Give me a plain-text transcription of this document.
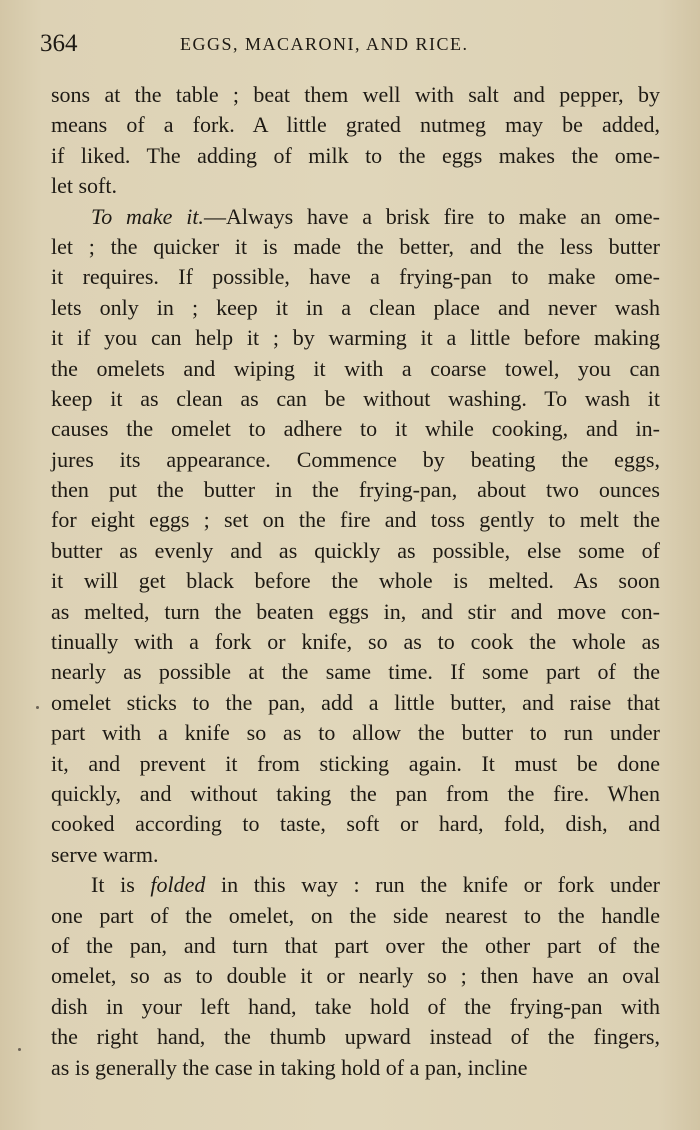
364	EGGS, MACARONI, AND RICE.
sons at the table ; beat them well with salt and pepper, by
means of a fork. A little grated nutmeg may be added,
if liked. The adding of milk to the eggs makes the ome-
let soft.
To make it.—Always have a brisk fire to make an ome-
let ; the quicker it is made the better, and the less butter
it requires. If possible, have a frying-pan to make ome-
lets only in ; keep it in a clean place and never wash
it if you can help it ; by warming it a little before making
the omelets and wiping it with a coarse towel, you can
keep it as clean as can be without washing. To wash it
causes the omelet to adhere to it while cooking, and in-
jures its appearance. Commence by beating the eggs,
then put the butter in the frying-pan, about two ounces
for eight eggs ; set on the fire and toss gently to melt the
butter as evenly and as quickly as possible, else some of
it will get black before the whole is melted. As soon
as melted, turn the beaten eggs in, and stir and move con-
tinually with a fork or knife, so as to cook the whole as
nearly as possible at the same time. If some part of the
omelet sticks to the pan, add a little butter, and raise that
part with a knife so as to allow the butter to run under
it, and prevent it from sticking again. It must be done
quickly, and without taking the pan from the fire. When
cooked according to taste, soft or hard, fold, dish, and
serve warm.
It is folded in this way : run the knife or fork under
one part of the omelet, on the side nearest to the handle
of the pan, and turn that part over the other part of the
omelet, so as to double it or nearly so ; then have an oval
dish in your left hand, take hold of the frying-pan with
the right hand, the thumb upward instead of the fingers,
as is generally the case in taking hold of a pan, incline
